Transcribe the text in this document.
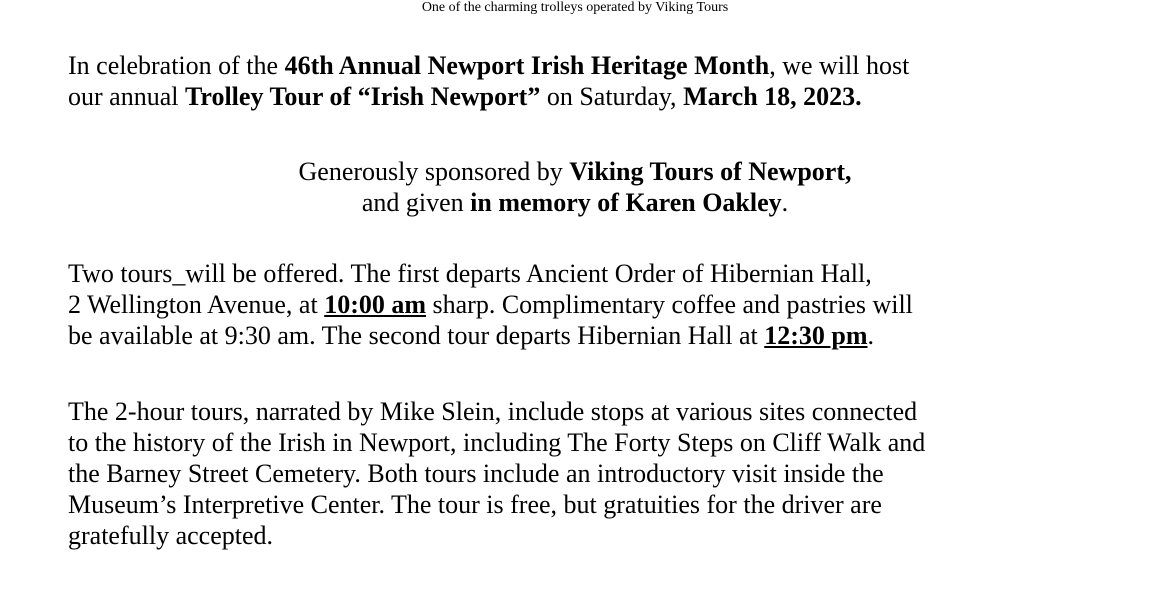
One of the charming trolleys operated by Viking Tours
In celebration of the 46th Annual Newport Irish Heritage Month, we will host
our annual Trolley Tour of “Irish Newport” on Saturday, March 18, 2023.
Generously sponsored by Viking Tours of Newport,
and given in memory of Karen Oakley.
Two tours_will be offered. The first departs Ancient Order of Hibernian Hall,
2 Wellington Avenue, at 10:00 am sharp. Complimentary coffee and pastries will
be available at 9:30 am. The second tour departs Hibernian Hall at 12:30 pm.
The 2-hour tours, narrated by Mike Slein, include stops at various sites connected
to the history of the Irish in Newport, including The Forty Steps on Cliff Walk and
the Barney Street Cemetery. Both tours include an introductory visit inside the
Museum’s Interpretive Center. The tour is free, but gratuities for the driver are
gratefully accepted.
